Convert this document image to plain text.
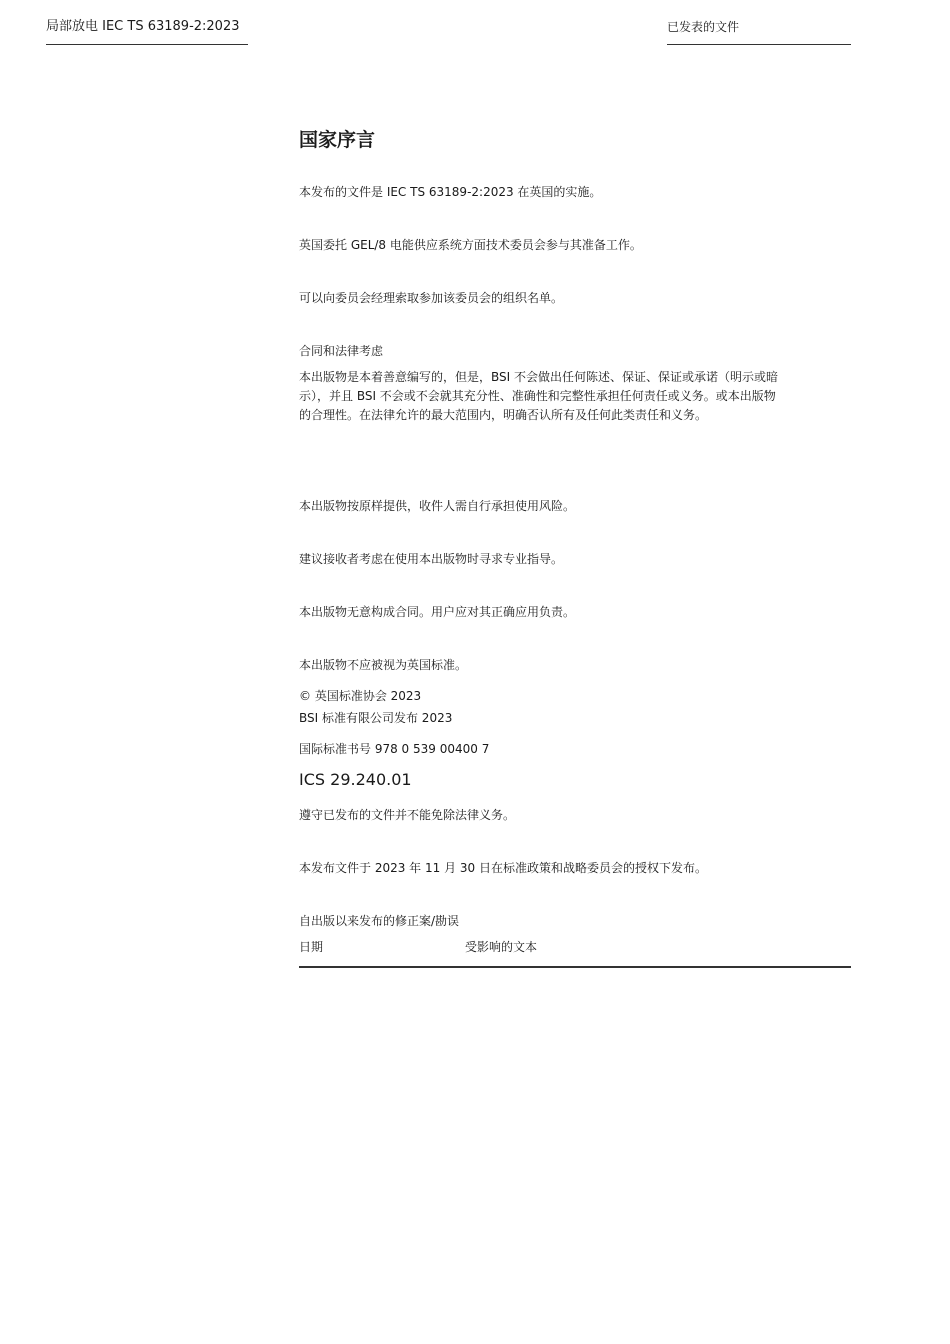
局部放电 IEC TS 63189-2:2023	已发表的文件
国家序言

本发布的文件是 IEC TS 63189-2:2023 在英国的实施。

英国委托 GEL/8 电能供应系统方面技术委员会参与其准备工作。

可以向委员会经理索取参加该委员会的组织名单。

合同和法律考虑

本出版物是本着善意编写的，但是，BSI 不会做出任何陈述、保证、保证或承诺（明示或暗示），并且 BSI 不会或不会就其充分性、准确性和完整性承担任何责任或义务。或本出版物的合理性。在法律允许的最大范围内，明确否认所有及任何此类责任和义务。

本出版物按原样提供，收件人需自行承担使用风险。

建议接收者考虑在使用本出版物时寻求专业指导。

本出版物无意构成合同。用户应对其正确应用负责。

本出版物不应被视为英国标准。

© 英国标准协会 2023

BSI 标准有限公司发布 2023

国际标准书号 978 0 539 00400 7

ICS 29.240.01

遵守已发布的文件并不能免除法律义务。

本发布文件于 2023 年 11 月 30 日在标准政策和战略委员会的授权下发布。

自出版以来发布的修正案/勘误

日期	受影响的文本
